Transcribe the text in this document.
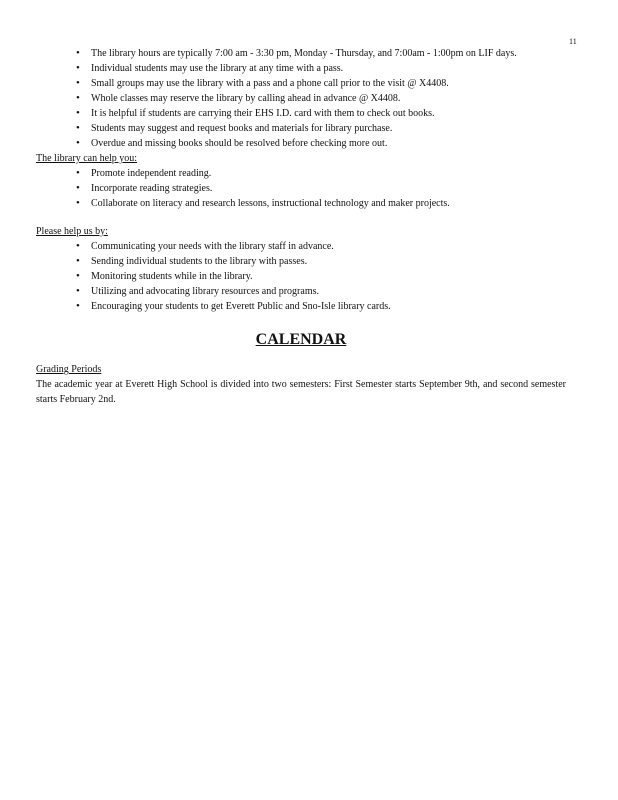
11
• The library hours are typically 7:00 am - 3:30 pm, Monday - Thursday, and 7:00am - 1:00pm on LIF days.
• Individual students may use the library at any time with a pass.
• Small groups may use the library with a pass and a phone call prior to the visit @ X4408.
• Whole classes may reserve the library by calling ahead in advance @ X4408.
• It is helpful if students are carrying their EHS I.D. card with them to check out books.
• Students may suggest and request books and materials for library purchase.
• Overdue and missing books should be resolved before checking more out.

The library can help you:

• Promote independent reading.
• Incorporate reading strategies.
• Collaborate on literacy and research lessons, instructional technology and maker projects.

Please help us by:

• Communicating your needs with the library staff in advance.
• Sending individual students to the library with passes.
• Monitoring students while in the library.
• Utilizing and advocating library resources and programs.
• Encouraging your students to get Everett Public and Sno-Isle library cards.
CALENDAR

Grading Periods

The academic year at Everett High School is divided into two semesters: First Semester starts September 9th, and second semester starts February 2nd.
